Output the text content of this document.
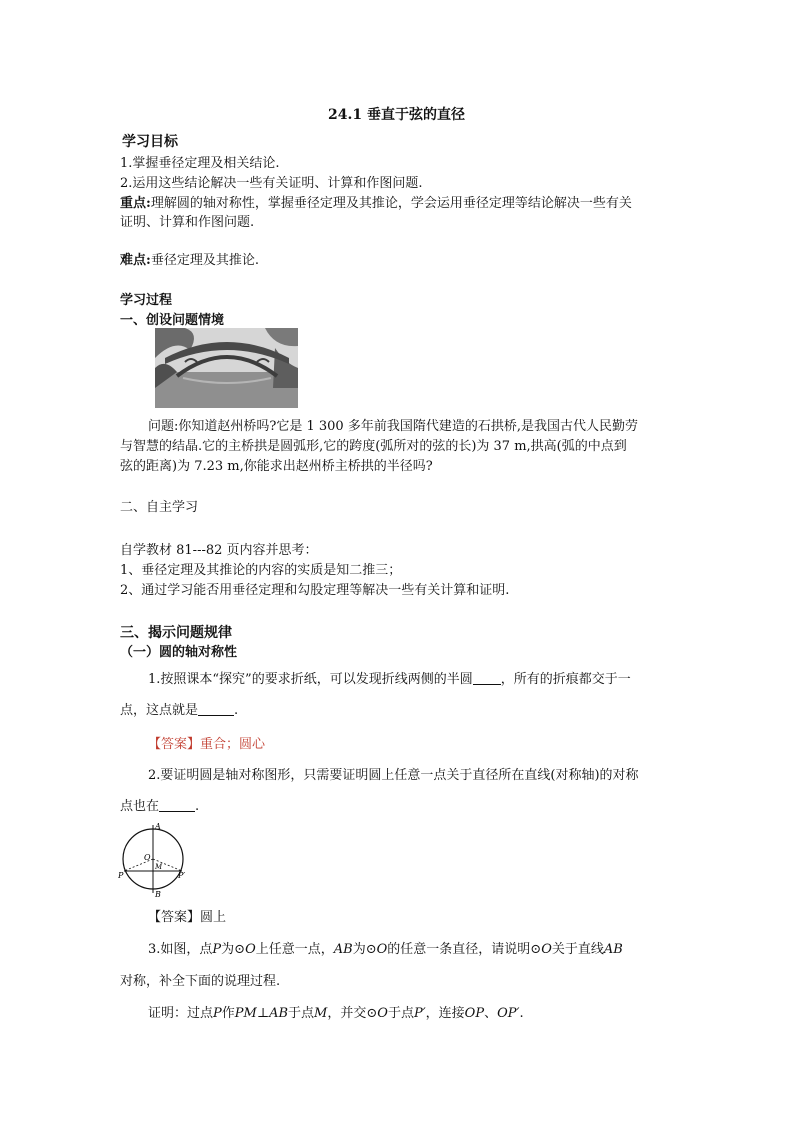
24.1 垂直于弦的直径
学习目标
1.掌握垂径定理及相关结论.
2.运用这些结论解决一些有关证明、计算和作图问题.
重点:理解圆的轴对称性，掌握垂径定理及其推论，学会运用垂径定理等结论解决一些有关
证明、计算和作图问题.
难点:垂径定理及其推论.
学习过程
一、创设问题情境
问题:你知道赵州桥吗?它是 1 300 多年前我国隋代建造的石拱桥,是我国古代人民勤劳
与智慧的结晶.它的主桥拱是圆弧形,它的跨度(弧所对的弦的长)为 37 m,拱高(弧的中点到
弦的距离)为 7.23 m,你能求出赵州桥主桥拱的半径吗?
二、自主学习
自学教材 81---82 页内容并思考：
1、垂径定理及其推论的内容的实质是知二推三；
2、通过学习能否用垂径定理和勾股定理等解决一些有关计算和证明.
三、揭示问题规律
（一）圆的轴对称性
1.按照课本“探究”的要求折纸，可以发现折线两侧的半圆 ，所有的折痕都交于一
点，这点就是	.
【答案】重合；圆心
2.要证明圆是轴对称图形，只需要证明圆上任意一点关于直径所在直线(对称轴)的对称
点也在	.
A
B
O
M
P	P′
【答案】圆上
3.如图，点P为⊙O上任意一点，AB为⊙O的任意一条直径，请说明⊙O关于直线AB
对称，补全下面的说理过程.
证明：过点P作PM⊥AB于点M，并交⊙O于点P′，连接OP、OP′.
